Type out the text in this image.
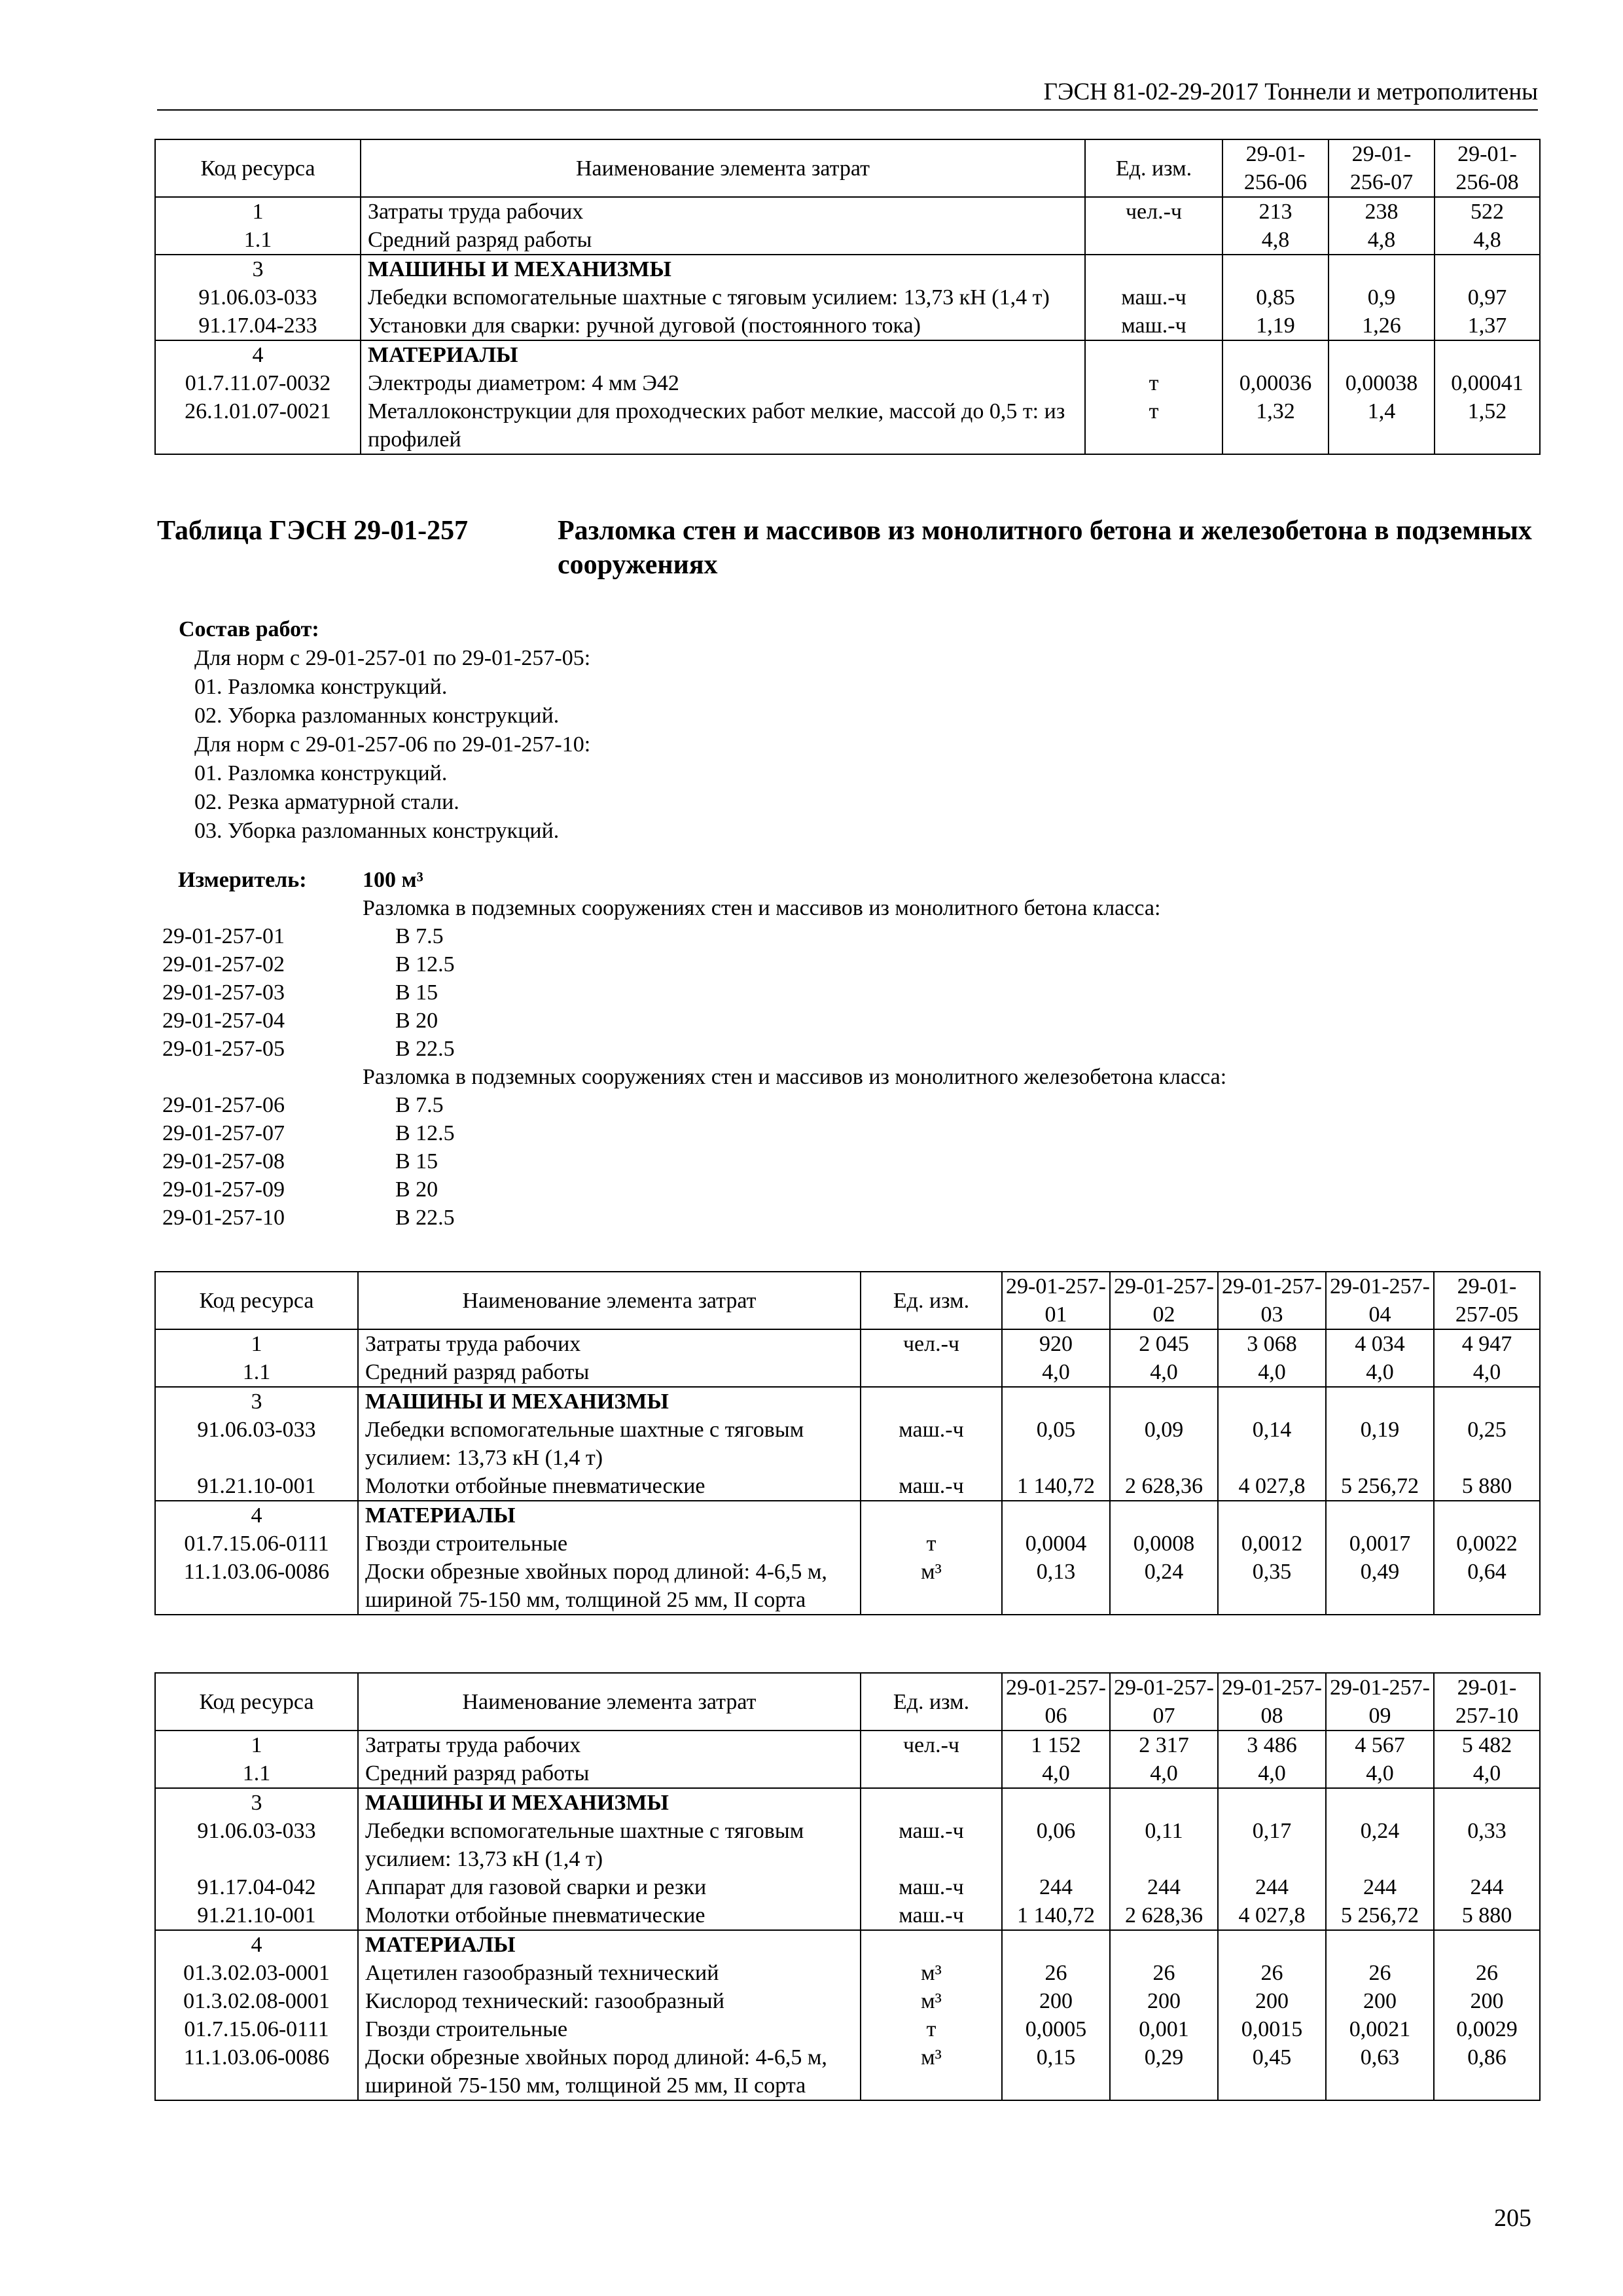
ГЭСН 81-02-29-2017 Тоннели и метрополитены
Код ресурса	Наименование элемента затрат	Ед. изм.	29-01-256-06	29-01-256-07	29-01-256-08
1	Затраты труда рабочих	чел.-ч	213	238	522
1.1	Средний разряд работы		4,8	4,8	4,8
3	МАШИНЫ И МЕХАНИЗМЫ				
91.06.03-033	Лебедки вспомогательные шахтные с тяговым усилием: 13,73 кН (1,4 т)	маш.-ч	0,85	0,9	0,97
91.17.04-233	Установки для сварки: ручной дуговой (постоянного тока)	маш.-ч	1,19	1,26	1,37
4	МАТЕРИАЛЫ				
01.7.11.07-0032	Электроды диаметром: 4 мм Э42	т	0,00036	0,00038	0,00041
26.1.01.07-0021	Металлоконструкции для проходческих работ мелкие, массой до 0,5 т: из профилей	т	1,32	1,4	1,52
Таблица ГЭСН 29-01-257	Разломка стен и массивов из монолитного бетона и железобетона в подземных сооружениях
Состав работ:
Для норм с 29-01-257-01 по 29-01-257-05:
01. Разломка конструкций.
02. Уборка разломанных конструкций.
Для норм с 29-01-257-06 по 29-01-257-10:
01. Разломка конструкций.
02. Резка арматурной стали.
03. Уборка разломанных конструкций.
Измеритель:	100 м³
Разломка в подземных сооружениях стен и массивов из монолитного бетона класса:
29-01-257-01	В 7.5
29-01-257-02	В 12.5
29-01-257-03	В 15
29-01-257-04	В 20
29-01-257-05	В 22.5
Разломка в подземных сооружениях стен и массивов из монолитного железобетона класса:
29-01-257-06	В 7.5
29-01-257-07	В 12.5
29-01-257-08	В 15
29-01-257-09	В 20
29-01-257-10	В 22.5
Код ресурса	Наименование элемента затрат	Ед. изм.	29-01-257-01	29-01-257-02	29-01-257-03	29-01-257-04	29-01-257-05
1	Затраты труда рабочих	чел.-ч	920	2 045	3 068	4 034	4 947
1.1	Средний разряд работы		4,0	4,0	4,0	4,0	4,0
3	МАШИНЫ И МЕХАНИЗМЫ						
91.06.03-033	Лебедки вспомогательные шахтные с тяговым усилием: 13,73 кН (1,4 т)	маш.-ч	0,05	0,09	0,14	0,19	0,25
91.21.10-001	Молотки отбойные пневматические	маш.-ч	1 140,72	2 628,36	4 027,8	5 256,72	5 880
4	МАТЕРИАЛЫ						
01.7.15.06-0111	Гвозди строительные	т	0,0004	0,0008	0,0012	0,0017	0,0022
11.1.03.06-0086	Доски обрезные хвойных пород длиной: 4-6,5 м, шириной 75-150 мм, толщиной 25 мм, II сорта	м³	0,13	0,24	0,35	0,49	0,64
Код ресурса	Наименование элемента затрат	Ед. изм.	29-01-257-06	29-01-257-07	29-01-257-08	29-01-257-09	29-01-257-10
1	Затраты труда рабочих	чел.-ч	1 152	2 317	3 486	4 567	5 482
1.1	Средний разряд работы		4,0	4,0	4,0	4,0	4,0
3	МАШИНЫ И МЕХАНИЗМЫ						
91.06.03-033	Лебедки вспомогательные шахтные с тяговым усилием: 13,73 кН (1,4 т)	маш.-ч	0,06	0,11	0,17	0,24	0,33
91.17.04-042	Аппарат для газовой сварки и резки	маш.-ч	244	244	244	244	244
91.21.10-001	Молотки отбойные пневматические	маш.-ч	1 140,72	2 628,36	4 027,8	5 256,72	5 880
4	МАТЕРИАЛЫ						
01.3.02.03-0001	Ацетилен газообразный технический	м³	26	26	26	26	26
01.3.02.08-0001	Кислород технический: газообразный	м³	200	200	200	200	200
01.7.15.06-0111	Гвозди строительные	т	0,0005	0,001	0,0015	0,0021	0,0029
11.1.03.06-0086	Доски обрезные хвойных пород длиной: 4-6,5 м, шириной 75-150 мм, толщиной 25 мм, II сорта	м³	0,15	0,29	0,45	0,63	0,86
205
